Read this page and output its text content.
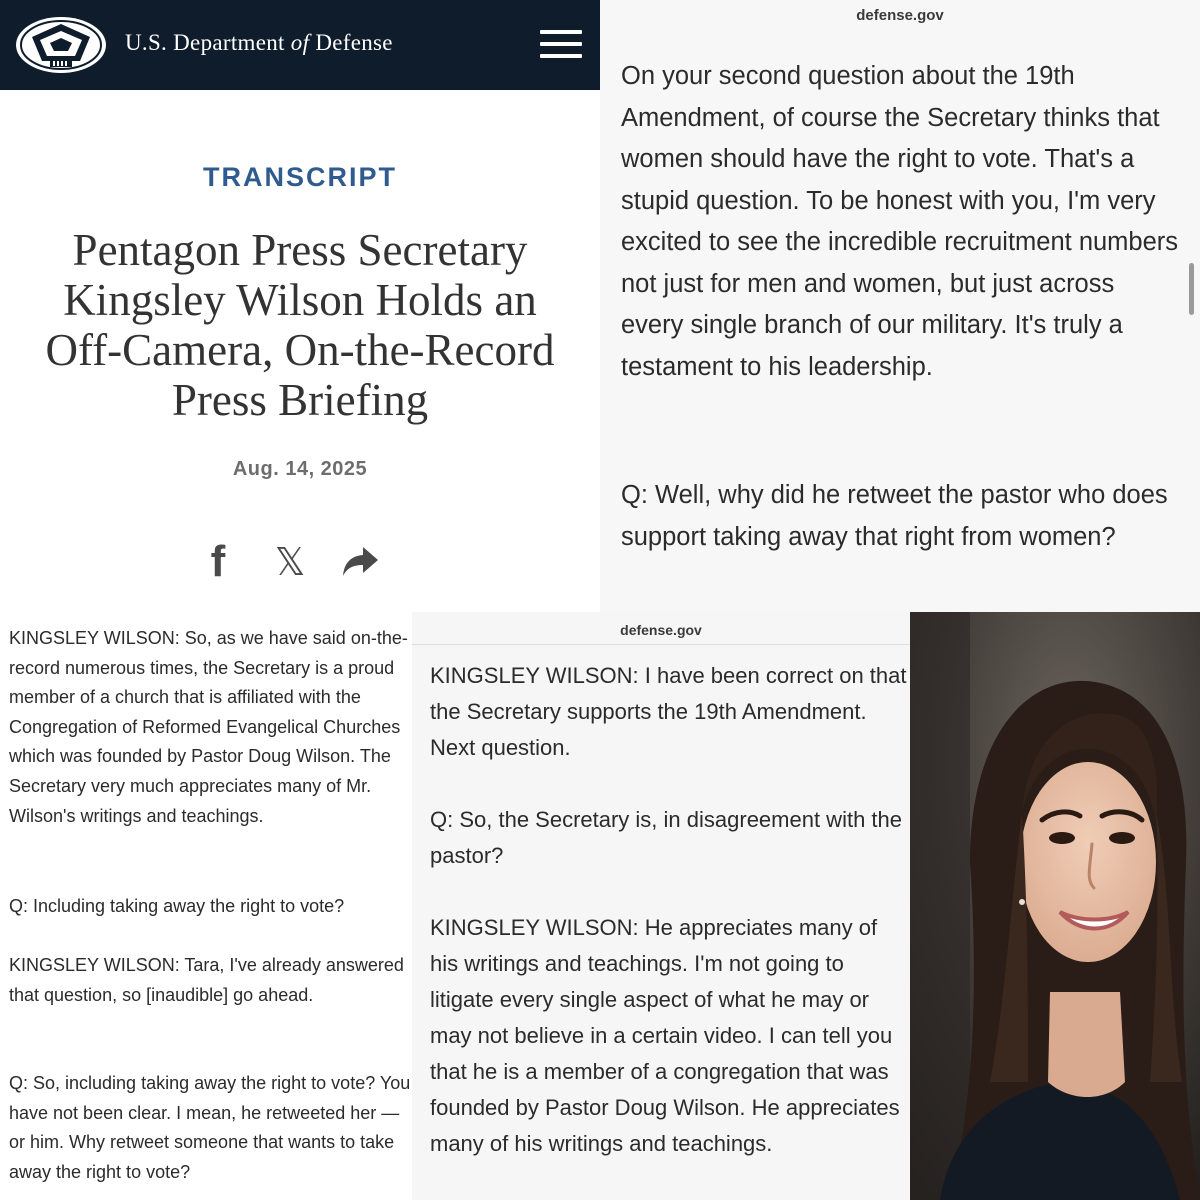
U.S. Department of Defense
TRANSCRIPT
Pentagon Press Secretary
Kingsley Wilson Holds an
Off-Camera, On-the-Record
Press Briefing
Aug. 14, 2025
f	𝕏
defense.gov

On your second question about the 19th Amendment, of course the Secretary thinks that women should have the right to vote. That's a stupid question. To be honest with you, I'm very excited to see the incredible recruitment numbers not just for men and women, but just across every single branch of our military. It's truly a testament to his leadership.

Q: Well, why did he retweet the pastor who does support taking away that right from women?

KINGSLEY WILSON: So, as we have said on-the-record numerous times, the Secretary is a proud member of a church that is affiliated with the Congregation of Reformed Evangelical Churches which was founded by Pastor Doug Wilson. The Secretary very much appreciates many of Mr. Wilson's writings and teachings.

Q: Including taking away the right to vote?

KINGSLEY WILSON: Tara, I've already answered that question, so [inaudible] go ahead.

Q: So, including taking away the right to vote? You have not been clear. I mean, he retweeted her — or him. Why retweet someone that wants to take away the right to vote?

defense.gov

KINGSLEY WILSON: I have been correct on that the Secretary supports the 19th Amendment. Next question.

Q: So, the Secretary is, in disagreement with the pastor?

KINGSLEY WILSON: He appreciates many of his writings and teachings. I'm not going to litigate every single aspect of what he may or may not believe in a certain video. I can tell you that he is a member of a congregation that was founded by Pastor Doug Wilson. He appreciates many of his writings and teachings.
